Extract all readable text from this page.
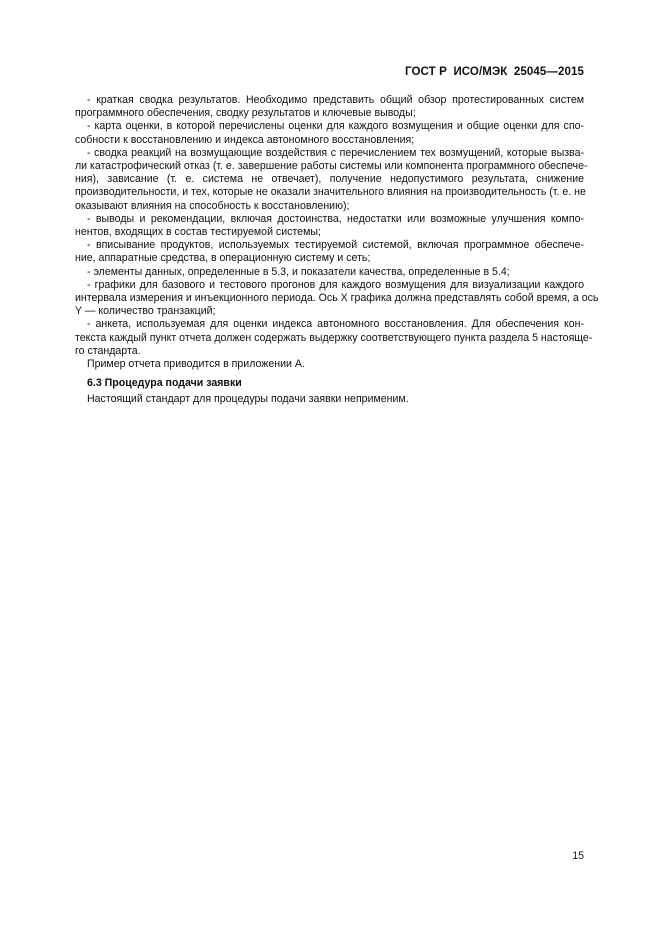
ГОСТ Р  ИСО/МЭК  25045—2015
- краткая сводка результатов. Необходимо представить общий обзор протестированных систем
программного обеспечения, сводку результатов и ключевые выводы;
- карта оценки, в которой перечислены оценки для каждого возмущения и общие оценки для спо-
собности к восстановлению и индекса автономного восстановления;
- сводка реакций на возмущающие воздействия с перечислением тех возмущений, которые вызва-
ли катастрофический отказ (т. е. завершение работы системы или компонента программного обеспече-
ния), зависание (т. е. система не отвечает), получение недопустимого результата, снижение
производительности, и тех, которые не оказали значительного влияния на производительность (т. е. не
оказывают влияния на способность к восстановлению);
- выводы и рекомендации, включая достоинства, недостатки или возможные улучшения компо-
нентов, входящих в состав тестируемой системы;
- вписывание продуктов, используемых тестируемой системой, включая программное обеспече-
ние, аппаратные средства, в операционную систему и сеть;
- элементы данных, определенные в 5.3, и показатели качества, определенные в 5.4;
- графики для базового и тестового прогонов для каждого возмущения для визуализации каждого
интервала измерения и инъекционного периода. Ось X графика должна представлять собой время, а ось
Y — количество транзакций;
- анкета, используемая для оценки индекса автономного восстановления. Для обеспечения кон-
текста каждый пункт отчета должен содержать выдержку соответствующего пункта раздела 5 настояще-
го стандарта.
Пример отчета приводится в приложении А.
6.3 Процедура подачи заявки
Настоящий стандарт для процедуры подачи заявки неприменим.
15
